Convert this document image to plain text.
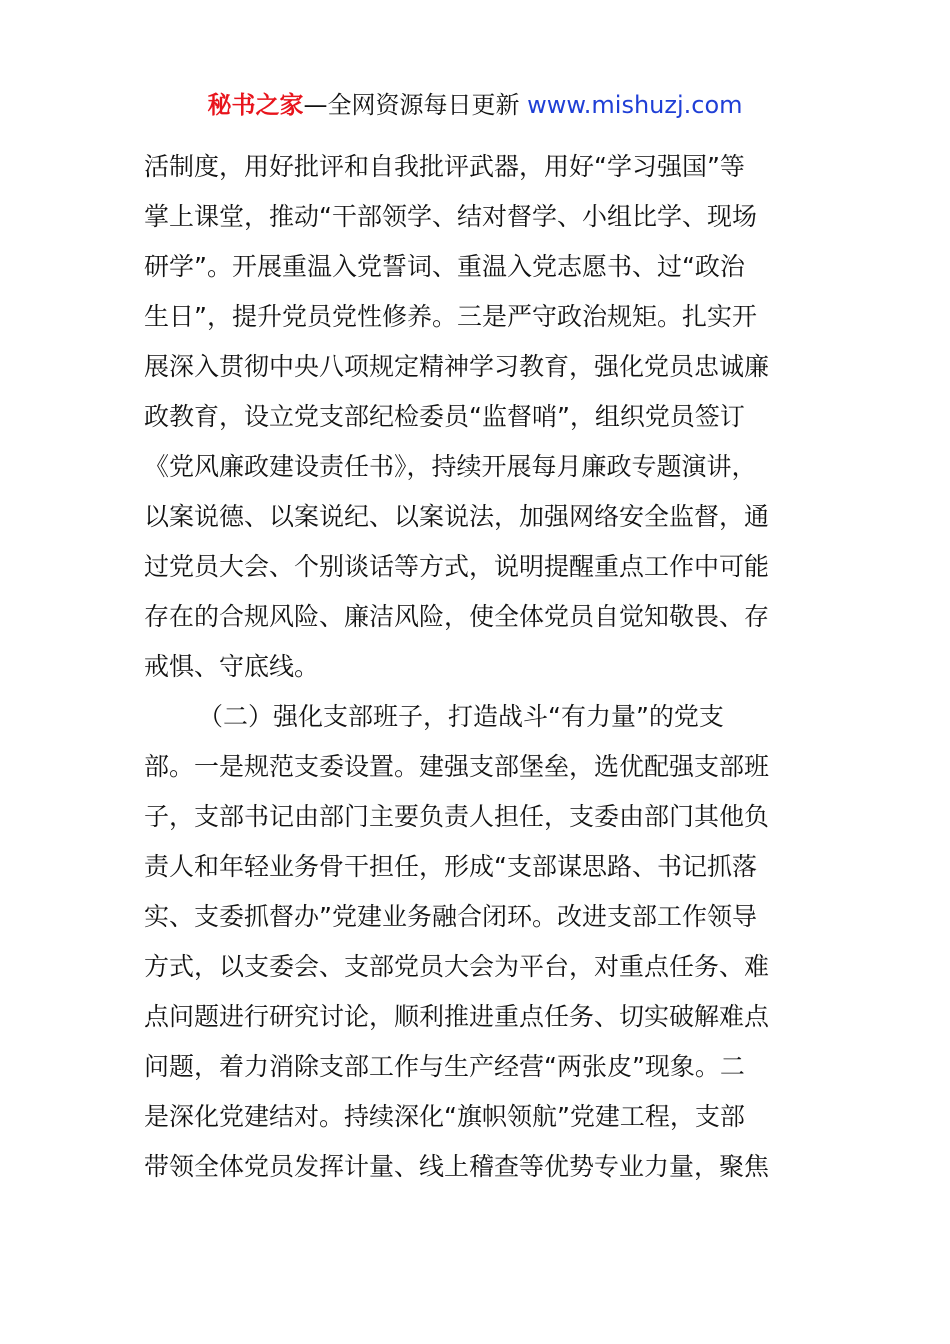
秘书之家—全网资源每日更新 www.mishuzj.com
活制度，用好批评和自我批评武器，用好“学习强国”等
掌上课堂，推动“干部领学、结对督学、小组比学、现场
研学”。开展重温入党誓词、重温入党志愿书、过“政治
生日”，提升党员党性修养。三是严守政治规矩。扎实开
展深入贯彻中央八项规定精神学习教育，强化党员忠诚廉
政教育，设立党支部纪检委员“监督哨”，组织党员签订
《党风廉政建设责任书》，持续开展每月廉政专题演讲，
以案说德、以案说纪、以案说法，加强网络安全监督，通
过党员大会、个别谈话等方式，说明提醒重点工作中可能
存在的合规风险、廉洁风险，使全体党员自觉知敬畏、存
戒惧、守底线。
（二）强化支部班子，打造战斗“有力量”的党支
部。一是规范支委设置。建强支部堡垒，选优配强支部班
子，支部书记由部门主要负责人担任，支委由部门其他负
责人和年轻业务骨干担任，形成“支部谋思路、书记抓落
实、支委抓督办”党建业务融合闭环。改进支部工作领导
方式，以支委会、支部党员大会为平台，对重点任务、难
点问题进行研究讨论，顺利推进重点任务、切实破解难点
问题，着力消除支部工作与生产经营“两张皮”现象。二
是深化党建结对。持续深化“旗帜领航”党建工程，支部
带领全体党员发挥计量、线上稽查等优势专业力量，聚焦
